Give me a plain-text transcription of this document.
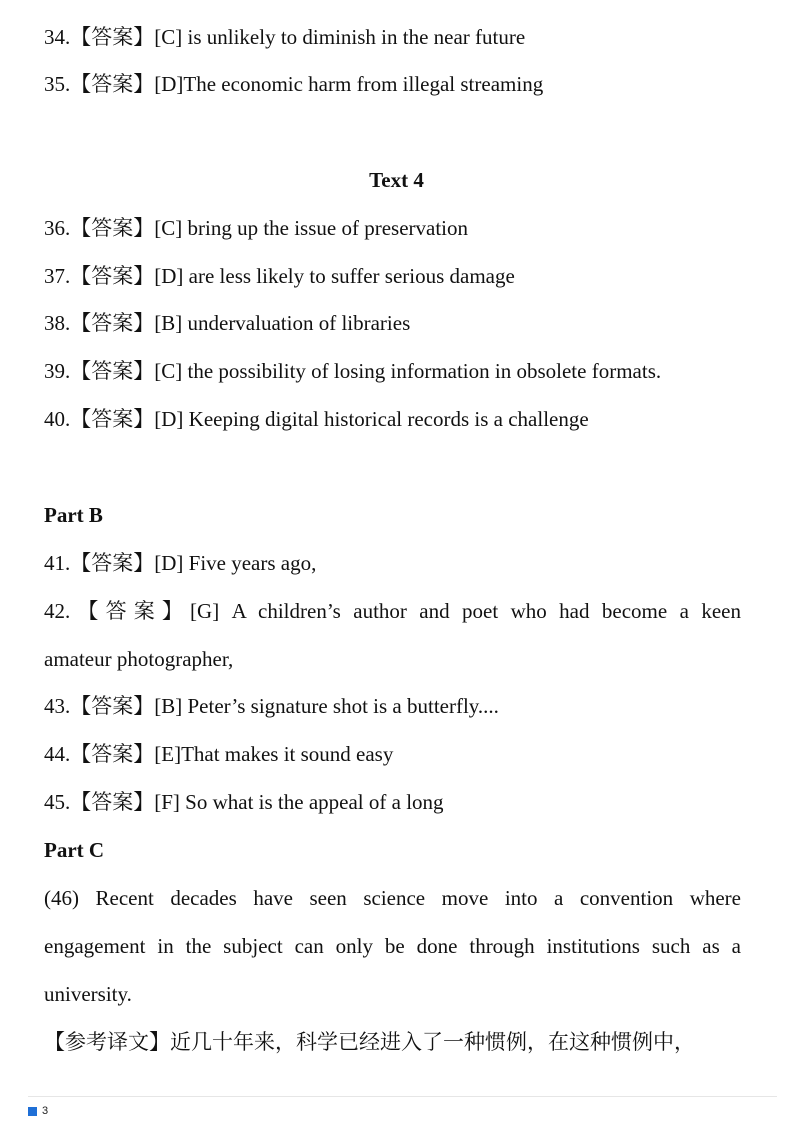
34.【答案】[C] is unlikely to diminish in the near future
35.【答案】[D]The economic harm from illegal streaming
Text 4
36.【答案】[C] bring up the issue of preservation
37.【答案】[D] are less likely to suffer serious damage
38.【答案】[B] undervaluation of libraries
39.【答案】[C] the possibility of losing information in obsolete formats.
40.【答案】[D] Keeping digital historical records is a challenge
Part B
41.【答案】[D] Five years ago,
42.【答案】[G] A children’s author and poet who had become a keen
amateur photographer,
43.【答案】[B] Peter’s signature shot is a butterfly....
44.【答案】[E]That makes it sound easy
45.【答案】[F] So what is the appeal of a long
Part C
(46) Recent decades have seen science move into a convention where
engagement in the subject can only be done through institutions such as a
university.
【参考译文】近几十年来，科学已经进入了一种惯例，在这种惯例中，
3
